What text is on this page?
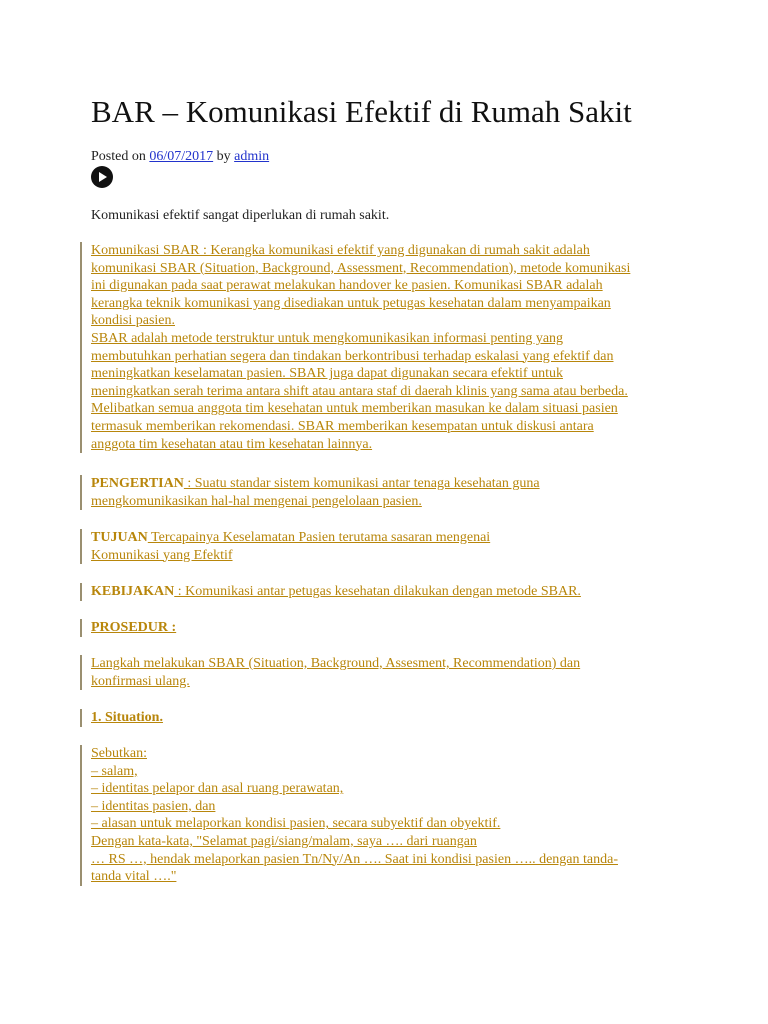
BAR – Komunikasi Efektif di Rumah Sakit
Posted on 06/07/2017 by admin

Komunikasi efektif sangat diperlukan di rumah sakit.

Komunikasi SBAR : Kerangka komunikasi efektif yang digunakan di rumah sakit adalah
komunikasi SBAR (Situation, Background, Assessment, Recommendation), metode komunikasi
ini digunakan pada saat perawat melakukan handover ke pasien. Komunikasi SBAR adalah
kerangka teknik komunikasi yang disediakan untuk petugas kesehatan dalam menyampaikan
kondisi pasien.
SBAR adalah metode terstruktur untuk mengkomunikasikan informasi penting yang
membutuhkan perhatian segera dan tindakan berkontribusi terhadap eskalasi yang efektif dan
meningkatkan keselamatan pasien. SBAR juga dapat digunakan secara efektif untuk
meningkatkan serah terima antara shift atau antara staf di daerah klinis yang sama atau berbeda.
Melibatkan semua anggota tim kesehatan untuk memberikan masukan ke dalam situasi pasien
termasuk memberikan rekomendasi. SBAR memberikan kesempatan untuk diskusi antara
anggota tim kesehatan atau tim kesehatan lainnya.
PENGERTIAN : Suatu standar sistem komunikasi antar tenaga kesehatan guna
mengkomunikasikan hal-hal mengenai pengelolaan pasien.
TUJUAN Tercapainya Keselamatan Pasien terutama sasaran mengenai
Komunikasi yang Efektif
KEBIJAKAN : Komunikasi antar petugas kesehatan dilakukan dengan metode SBAR.
PROSEDUR :
Langkah melakukan SBAR (Situation, Background, Assesment, Recommendation) dan
konfirmasi ulang.
1. Situation.
Sebutkan:
– salam,
– identitas pelapor dan asal ruang perawatan,
– identitas pasien, dan
– alasan untuk melaporkan kondisi pasien, secara subyektif dan obyektif.
Dengan kata-kata, "Selamat pagi/siang/malam, saya …. dari ruangan
… RS …, hendak melaporkan pasien Tn/Ny/An …. Saat ini kondisi pasien ….. dengan tanda-
tanda vital …."
